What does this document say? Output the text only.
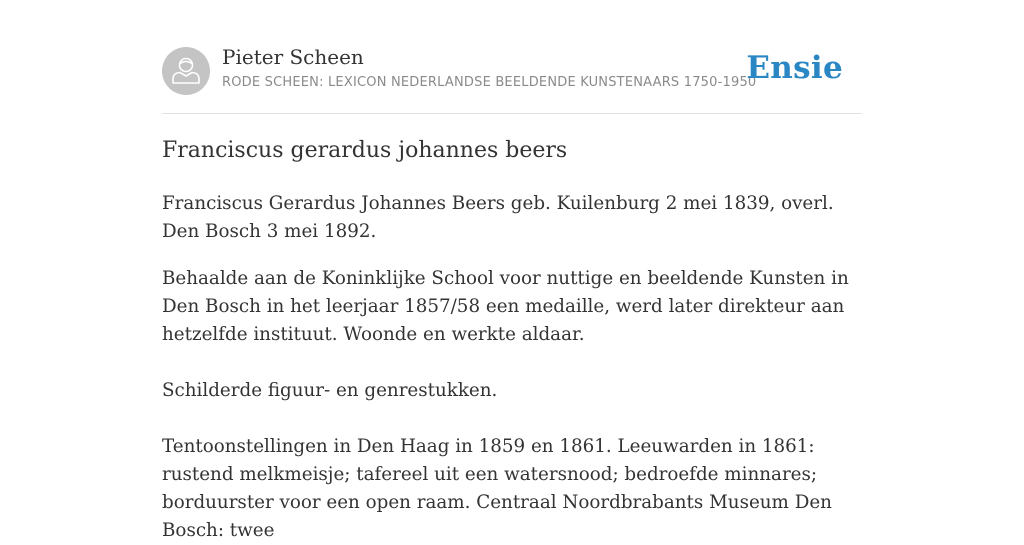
Pieter Scheen
RODE SCHEEN: LEXICON NEDERLANDSE BEELDENDE KUNSTENAARS 1750-1950
Ensie
Franciscus gerardus johannes beers

Franciscus Gerardus Johannes Beers geb. Kuilenburg 2 mei 1839, overl. Den Bosch 3 mei 1892.

Behaalde aan de Koninklijke School voor nuttige en beeldende Kunsten in Den Bosch in het leerjaar 1857/58 een medaille, werd later direkteur aan hetzelfde instituut. Woonde en werkte aldaar.

Schilderde figuur- en genrestukken.

Tentoonstellingen in Den Haag in 1859 en 1861. Leeuwarden in 1861: rustend melkmeisje; tafereel uit een watersnood; bedroefde minnares; borduurster voor een open raam. Centraal Noordbrabants Museum Den Bosch: twee
